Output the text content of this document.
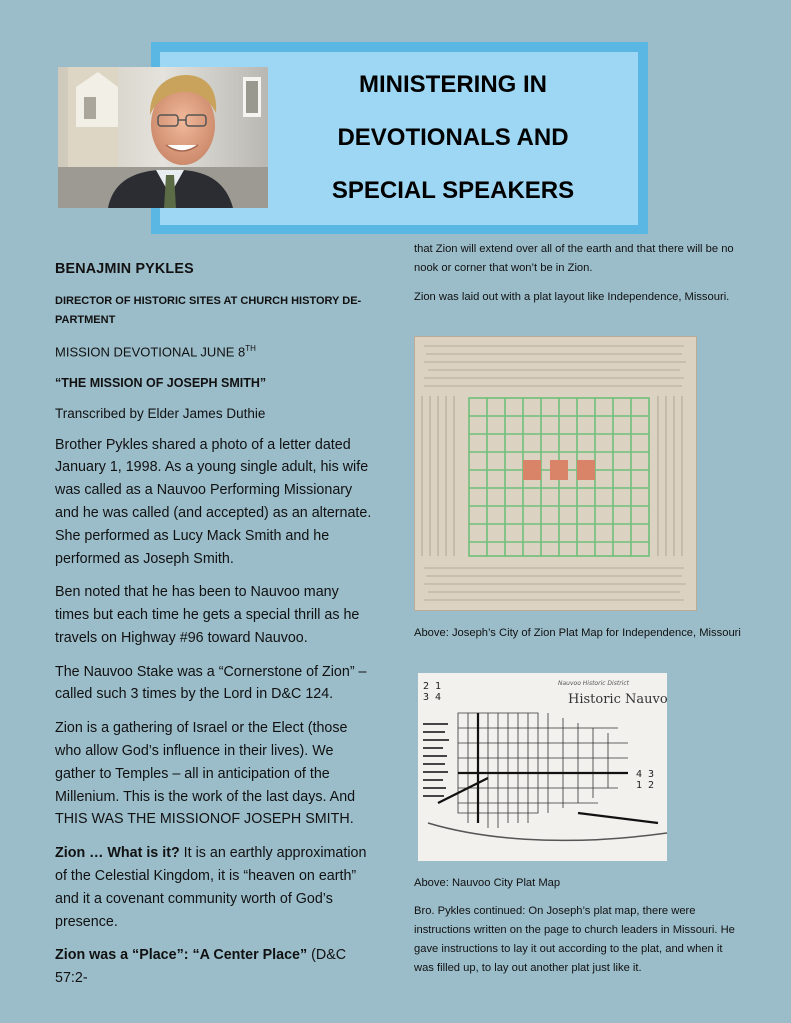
MINISTERING IN
DEVOTIONALS AND
SPECIAL SPEAKERS

BENAJMIN PYKLES

DIRECTOR OF HISTORIC SITES AT CHURCH HISTORY DE-PARTMENT

MISSION DEVOTIONAL JUNE 8TH

“THE MISSION OF JOSEPH SMITH”

Transcribed by Elder James Duthie

Brother Pykles shared a photo of a letter dated January 1, 1998. As a young single adult, his wife was called as a Nauvoo Performing Missionary and he was called (and accepted) as an alternate. She performed as Lucy Mack Smith and he performed as Joseph Smith.

Ben noted that he has been to Nauvoo many times but each time he gets a special thrill as he travels on Highway #96 toward Nauvoo.

The Nauvoo Stake was a “Cornerstone of Zion” – called such 3 times by the Lord in D&C 124.

Zion is a gathering of Israel or the Elect (those who allow God’s influence in their lives). We gather to Temples – all in anticipation of the Millenium. This is the work of the last days. And THIS WAS THE MISSIONOF JOSEPH SMITH.

Zion … What is it? It is an earthly approximation of the Celestial Kingdom, it is “heaven on earth” and it a covenant community worth of God’s presence.

Zion was a “Place”: “A Center Place” (D&C 57:2-

that Zion will extend over all of the earth and that there will be no nook or corner that won’t be in Zion.

Zion was laid out with a plat layout like Independence, Missouri.

Above: Joseph’s City of Zion Plat Map for Independence, Missouri
2 1
3 4
4 3
1 2
Historic Nauvoo
Nauvoo Historic District
Above: Nauvoo City Plat Map
Bro. Pykles continued: On Joseph’s plat map, there were instructions written on the page to church leaders in Missouri. He gave instructions to lay it out according to the plat, and when it was filled up, to lay out another plat just like it.
